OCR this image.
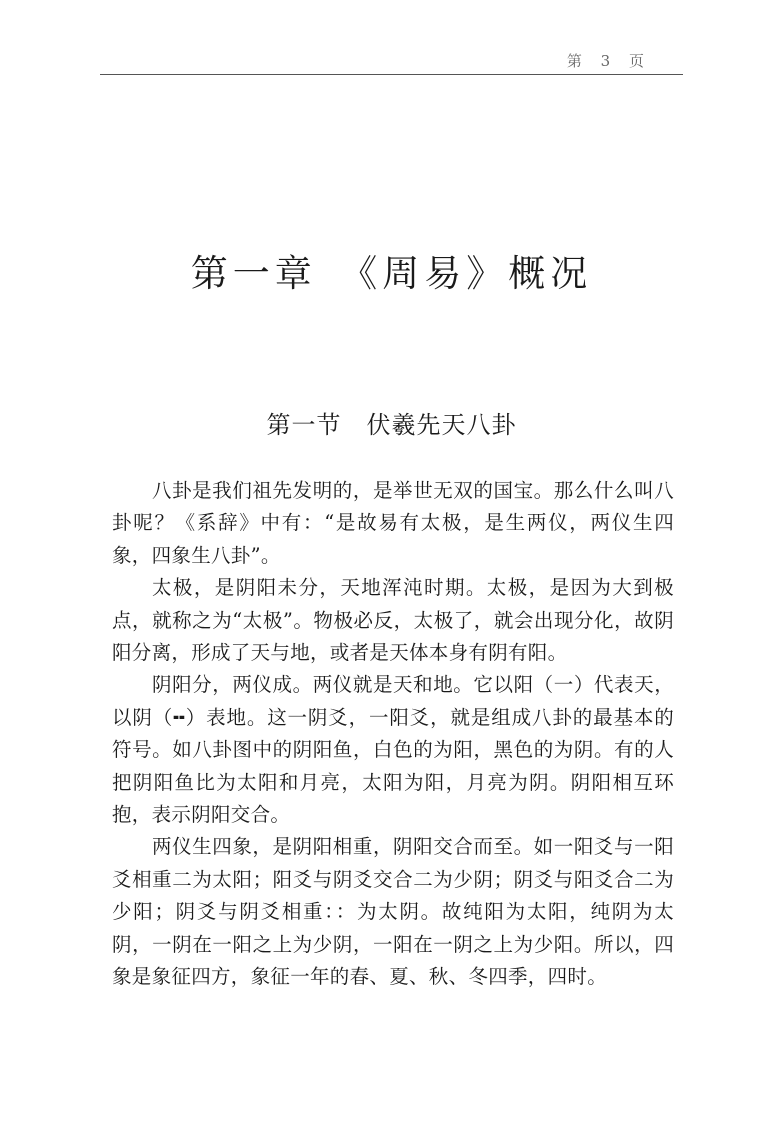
第 3 页
第一章　《周易》概况
第一节　伏羲先天八卦

八卦是我们祖先发明的，是举世无双的国宝。那么什么叫八卦呢？《系辞》中有：“是故易有太极，是生两仪，两仪生四象，四象生八卦”。

太极，是阴阳未分，天地浑沌时期。太极，是因为大到极点，就称之为“太极”。物极必反，太极了，就会出现分化，故阴阳分离，形成了天与地，或者是天体本身有阴有阳。

阴阳分，两仪成。两仪就是天和地。它以阳（一）代表天，以阴（╍）表地。这一阴爻，一阳爻，就是组成八卦的最基本的符号。如八卦图中的阴阳鱼，白色的为阳，黑色的为阴。有的人把阴阳鱼比为太阳和月亮，太阳为阳，月亮为阴。阴阳相互环抱，表示阴阳交合。

两仪生四象，是阴阳相重，阴阳交合而至。如一阳爻与一阳爻相重二为太阳；阳爻与阴爻交合二为少阴；阴爻与阳爻合二为少阳；阴爻与阴爻相重：：为太阴。故纯阳为太阳，纯阴为太阴，一阴在一阳之上为少阴，一阳在一阴之上为少阳。所以，四象是象征四方，象征一年的春、夏、秋、冬四季，四时。
